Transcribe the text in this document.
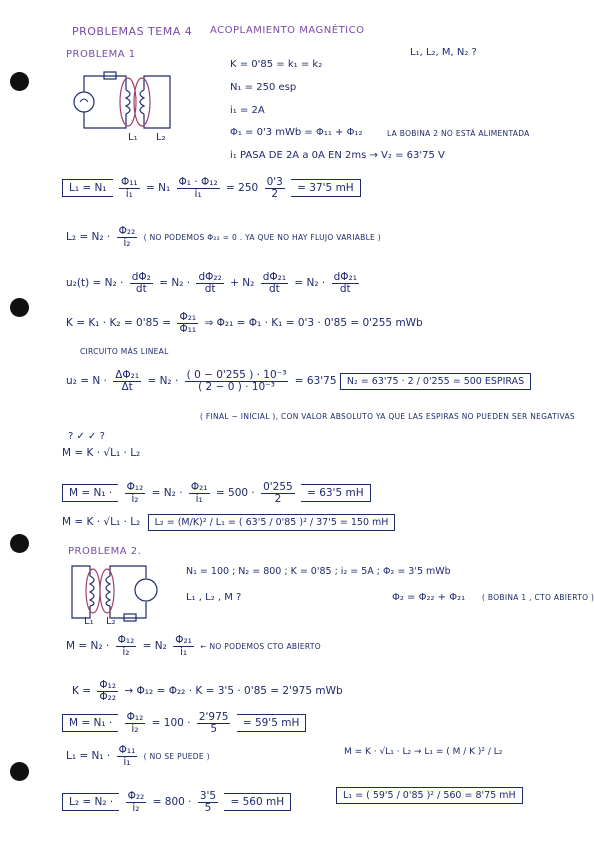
PROBLEMAS TEMA 4 ACOPLAMIENTO MAGNÉTICO
PROBLEMA 1
L₁ L₂
L₁, L₂, M, N₂ ?
K = 0'85 = k₁ = k₂
N₁ = 250 esp
i₁ = 2A
Φ₁ = 0'3 mWb = Φ₁₁ + Φ₁₂	LA BOBINA 2 NO ESTÁ ALIMENTADA
i₁ PASA DE 2A a 0A EN 2ms → V₂ = 63'75 V
$L_1 = N_1 \frac{\text{Φ₁₁}}{\text{i₁}} = N_1 \frac{\text{Φ₁ · Φ₁₂}}{\text{i₁}} = 250 \frac{0'3}{2} = 37'5$ mH
$L_2 = N_2 \cdot \frac{\text{Φ₂₂}}{\text{i₂}}$ ( NO PODEMOS Φ₂₂ = 0 . YA QUE NO HAY FLUJO VARIABLE )
$u_2(t) = N_2 \cdot \frac{\text{dΦ₂}}{dt} = N_2 \cdot \frac{\text{dΦ₂₂}}{dt} + N_2 \frac{\text{dΦ₂₁}}{dt} = N_2 \cdot \frac{\text{dΦ₂₁}}{dt}$
$K = K_1 \cdot K_2 = 0'85 = \frac{\text{Φ₂₁}}{\text{Φ₁₁}}$ ⇒ Φ₂₁ = Φ₁ · K₁ = 0'3 · 0'85 = 0'255 mWb
CIRCUITO MÁS LINEAL
$u_2 = N \cdot \frac{\text{ΔΦ₂₁}}{\Delta t} = N_2 \cdot \frac{\text{( 0 − 0'255 ) · 10⁻³}}{\text{( 2 − 0 ) · 10⁻³}} = 63'75$ N₂ = 63'75 · 2 / 0'255 = 500 ESPIRAS
( FINAL − INICIAL ), CON VALOR ABSOLUTO YA QUE LAS ESPIRAS NO PUEDEN SER NEGATIVAS
? ✓ ✓ ?
M = K · √L₁ · L₂
$M = N_1 \cdot \frac{\text{Φ₁₂}}{\text{i₂}} = N_2 \cdot \frac{\text{Φ₂₁}}{\text{i₁}} = 500 \cdot \frac{0'255}{2} = 63'5$ mH
M = K · √L₁ · L₂ L₂ = (M/K)² / L₁ = ( 63'5 / 0'85 )² / 37'5 = 150 mH
PROBLEMA 2.
L₁ L₂
N₁ = 100 ; N₂ = 800 ; K = 0'85 ; i₂ = 5A ; Φ₂ = 3'5 mWb
L₁ , L₂ , M ?	Φ₂ = Φ₂₂ + Φ₂₁ ( BOBINA 1 , CTO ABIERTO )
$M = N_2 \cdot \frac{\text{Φ₁₂}}{\text{i₂}} = N_2 \frac{\text{Φ₂₁}}{\text{i₁}}$ ← NO PODEMOS CTO ABIERTO
$K = \frac{\text{Φ₁₂}}{\text{Φ₂₂}} \to \Phi_{12} = \Phi_{22} \cdot K = 3'5 \cdot 0'85 = 2'975$ mWb
$M = N_1 \cdot \frac{\text{Φ₁₂}}{\text{i₂}} = 100 \cdot \frac{2'975}{5} = 59'5$ mH
$L_1 = N_1 \cdot \frac{\text{Φ₁₁}}{\text{i₁}}$ ( NO SE PUEDE )	M = K · √L₁ · L₂ → L₁ = ( M / K )² / L₂
$L_2 = N_2 \cdot \frac{\text{Φ₂₂}}{\text{i₂}} = 800 \cdot \frac{3'5}{5} = 560$ mH
L₁ = ( 59'5 / 0'85 )² / 560 = 8'75 mH
